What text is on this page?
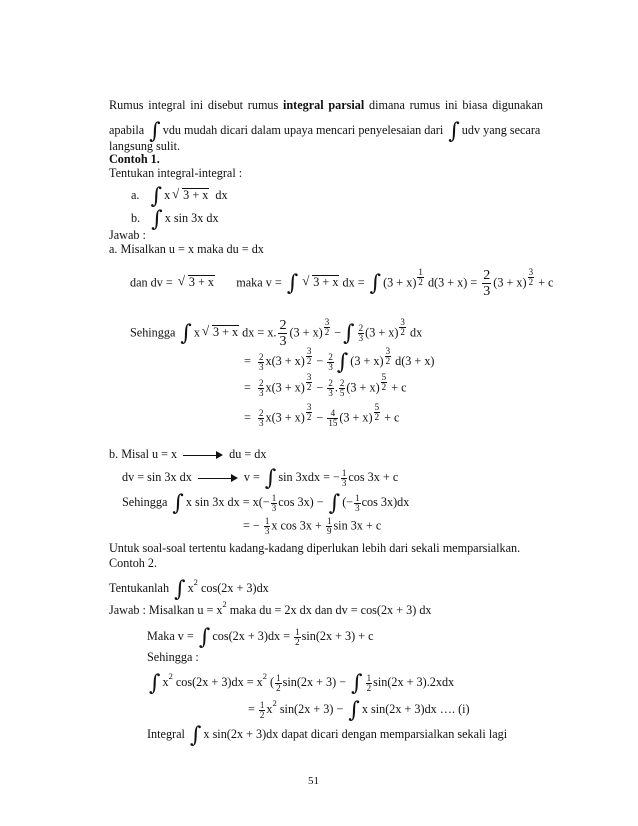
Rumus integral ini disebut rumus integral parsial dimana rumus ini biasa digunakan
apabila ∫ vdu mudah dicari dalam upaya mencari penyelesaian dari ∫ udv yang secara
langsung sulit.
Contoh 1.
Tentukan integral-integral :
a. ∫ x √ 3 + x dx
b. ∫ x sin 3x dx
Jawab :
a. Misalkan u = x maka du = dx
dan dv = √ 3 + x maka v = ∫ √ 3 + x dx = ∫ $(3 + x) \frac{1}{2} d(3 + x) = \frac{2}{3} (3 + x) \frac{3}{2} + c$
Sehingga ∫ x √ 3 + x dx = x. $\frac{2}{3} (3 + x) \frac{3}{2}$ −∫ $\frac{2}{3} (3 + x) \frac{3}{2}$ dx
= $\frac{2}{3} x(3 + x) \frac{3}{2} - \frac{2}{3}$ ∫ $(3 + x) \frac{3}{2} d(3 + x)$
= $\frac{2}{3} x(3 + x) \frac{3}{2} - \frac{2}{3}$ . $\frac{2}{5} (3 + x) \frac{5}{2} + c$
= $\frac{2}{3} x(3 + x) \frac{3}{2} - \frac{4}{15} (3 + x) \frac{5}{2} + c$
b. Misal u = x	du = dx
dv = sin 3x dx	v = ∫ sin 3xdx = − $\frac{1}{3}$ cos 3x + c
Sehingga ∫ x sin 3x dx = $x(- \frac{1}{3}$ cos 3x) − ∫ (− $\frac{1}{3}$ cos 3x)dx
= − $\frac{1}{3}$ x $\cos 3x + \frac{1}{9}$ sin 3x + c
Untuk soal-soal tertentu kadang-kadang diperlukan lebih dari sekali memparsialkan.
Contoh 2.
Tentukanlah ∫ $x^2$ cos(2x + 3)dx
Jawab : Misalkan $u = x^2$ maka du = 2x dx dan dv = cos(2x + 3) dx
Maka v = ∫ $\cos(2x + 3)dx = \frac{1}{2} \sin(2x + 3) + c$
Sehingga :
∫ $x^2$ $\cos(2x + 3)dx = x^2$ ( $\frac{1}{2} \sin(2x + 3)$ − ∫ $\frac{1}{2} \sin(2x + 3).2xdx$
= $\frac{1}{2} x^2$ sin(2x + 3) − ∫ x sin(2x + 3)dx …. (i)
Integral ∫ x sin(2x + 3)dx dapat dicari dengan memparsialkan sekali lagi
51
